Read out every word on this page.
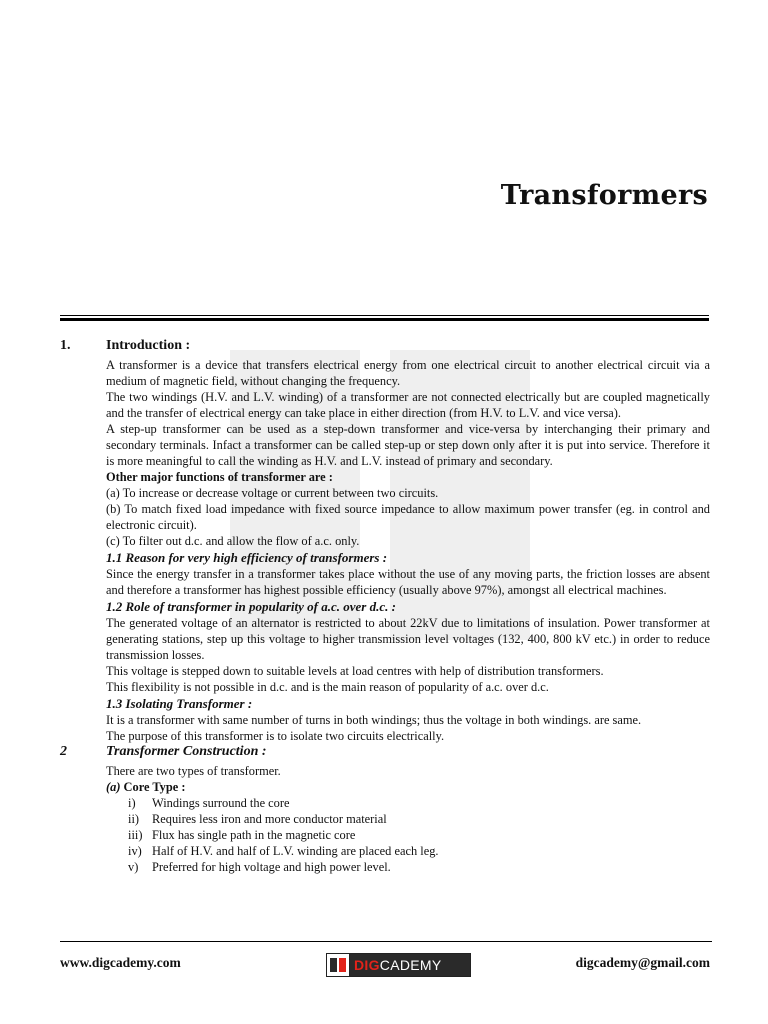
Transformers
1.	Introduction :
A transformer is a device that transfers electrical energy from one electrical circuit to another electrical circuit via a medium of magnetic field, without changing the frequency.
The two windings (H.V. and L.V. winding) of a transformer are not connected electrically but are coupled magnetically and the transfer of electrical energy can take place in either direction (from H.V. to L.V. and vice versa).
A step-up transformer can be used as a step-down transformer and vice-versa by interchanging their primary and secondary terminals. Infact a transformer can be called step-up or step down only after it is put into service. Therefore it is more meaningful to call the winding as H.V. and L.V. instead of primary and secondary.
Other major functions of transformer are :
(a) To increase or decrease voltage or current between two circuits.
(b) To match fixed load impedance with fixed source impedance to allow maximum power transfer (eg. in control and electronic circuit).
(c) To filter out d.c. and allow the flow of a.c. only.
1.1 Reason for very high efficiency of transformers :
Since the energy transfer in a transformer takes place without the use of any moving parts, the friction losses are absent and therefore a transformer has highest possible efficiency (usually above 97%), amongst all electrical machines.
1.2 Role of transformer in popularity of a.c. over d.c. :
The generated voltage of an alternator is restricted to about 22kV due to limitations of insulation. Power transformer at generating stations, step up this voltage to higher transmission level voltages (132, 400, 800 kV etc.) in order to reduce transmission losses.
This voltage is stepped down to suitable levels at load centres with help of distribution transformers.
This flexibility is not possible in d.c. and is the main reason of popularity of a.c. over d.c.
1.3 Isolating Transformer :
It is a transformer with same number of turns in both windings; thus the voltage in both windings. are same.
The purpose of this transformer is to isolate two circuits electrically.
2	Transformer Construction :
There are two types of transformer.
(a) Core Type :
i)	Windings surround the core
ii)	Requires less iron and more conductor material
iii) Flux has single path in the magnetic core
iv) Half of H.V. and half of L.V. winding are placed each leg.
v)	Preferred for high voltage and high power level.
www.digcademy.com	DIG CADEMY	digcademy@gmail.com
